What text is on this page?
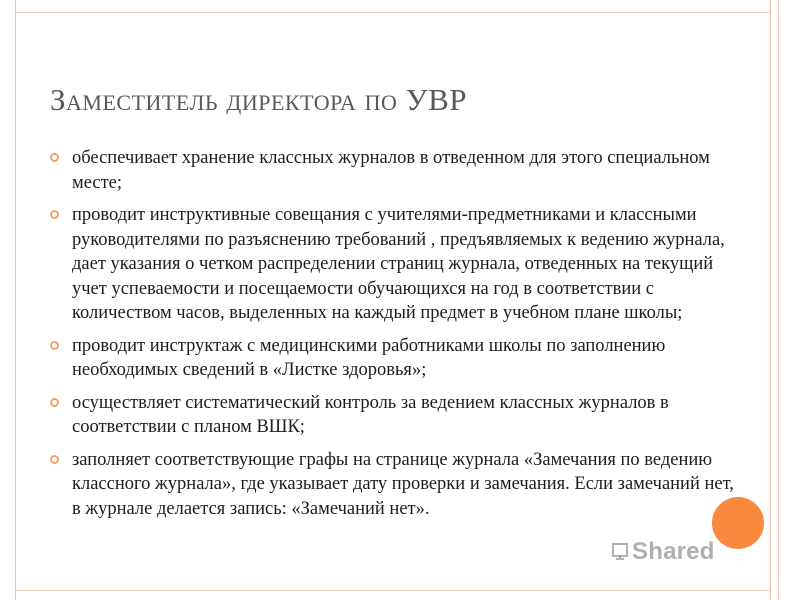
Заместитель директора по УВР
обеспечивает хранение классных журналов в отведенном для этого специальном месте;
проводит инструктивные совещания с учителями-предметниками и классными руководителями по разъяснению требований , предъявляемых к ведению журнала, дает указания о четком распределении страниц журнала, отведенных на текущий учет успеваемости и посещаемости обучающихся на год в соответствии с количеством часов, выделенных на каждый предмет в учебном плане школы;
проводит инструктаж с медицинскими работниками школы по заполнению необходимых сведений в «Листке здоровья»;
осуществляет систематический контроль за ведением классных журналов в соответствии с планом ВШК;
заполняет соответствующие графы на странице журнала «Замечания по ведению классного журнала», где указывает дату проверки и замечания. Если замечаний нет, в журнале делается запись: «Замечаний нет».
Shared
